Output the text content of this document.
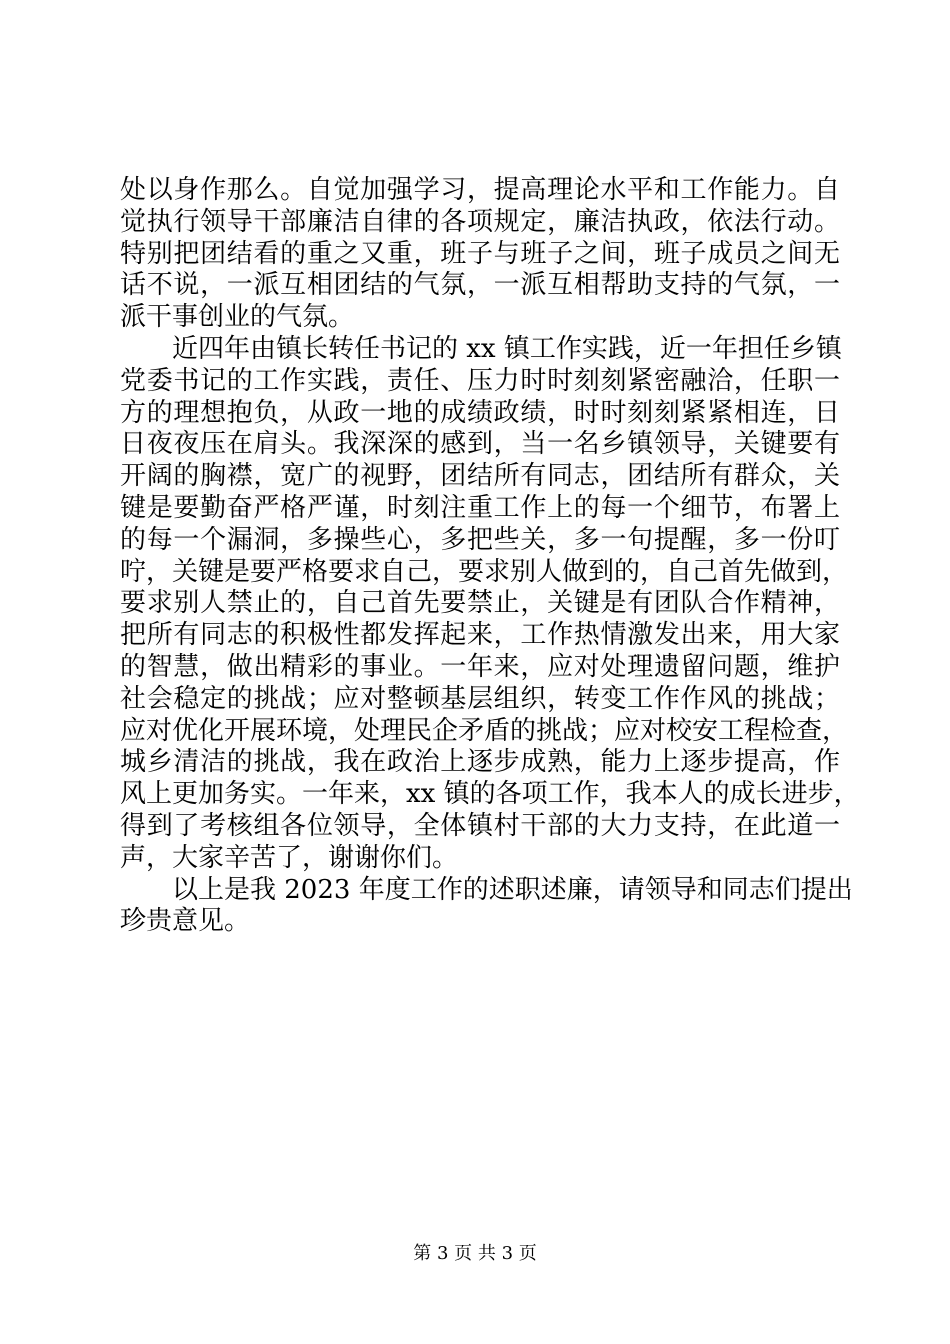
处以身作那么。自觉加强学习，提高理论水平和工作能力。自
觉执行领导干部廉洁自律的各项规定，廉洁执政，依法行动。
特别把团结看的重之又重，班子与班子之间，班子成员之间无
话不说，一派互相团结的气氛，一派互相帮助支持的气氛，一
派干事创业的气氛。
近四年由镇长转任书记的 xx 镇工作实践，近一年担任乡镇
党委书记的工作实践，责任、压力时时刻刻紧密融洽，任职一
方的理想抱负，从政一地的成绩政绩，时时刻刻紧紧相连，日
日夜夜压在肩头。我深深的感到，当一名乡镇领导，关键要有
开阔的胸襟，宽广的视野，团结所有同志，团结所有群众，关
键是要勤奋严格严谨，时刻注重工作上的每一个细节，布署上
的每一个漏洞，多操些心，多把些关，多一句提醒，多一份叮
咛，关键是要严格要求自己，要求别人做到的，自己首先做到，
要求别人禁止的，自己首先要禁止，关键是有团队合作精神，
把所有同志的积极性都发挥起来，工作热情激发出来，用大家
的智慧，做出精彩的事业。一年来，应对处理遗留问题，维护
社会稳定的挑战；应对整顿基层组织，转变工作作风的挑战；
应对优化开展环境，处理民企矛盾的挑战；应对校安工程检查，
城乡清洁的挑战，我在政治上逐步成熟，能力上逐步提高，作
风上更加务实。一年来，xx 镇的各项工作，我本人的成长进步，
得到了考核组各位领导，全体镇村干部的大力支持，在此道一
声，大家辛苦了，谢谢你们。
以上是我 2023 年度工作的述职述廉，请领导和同志们提出
珍贵意见。
第 3 页 共 3 页
